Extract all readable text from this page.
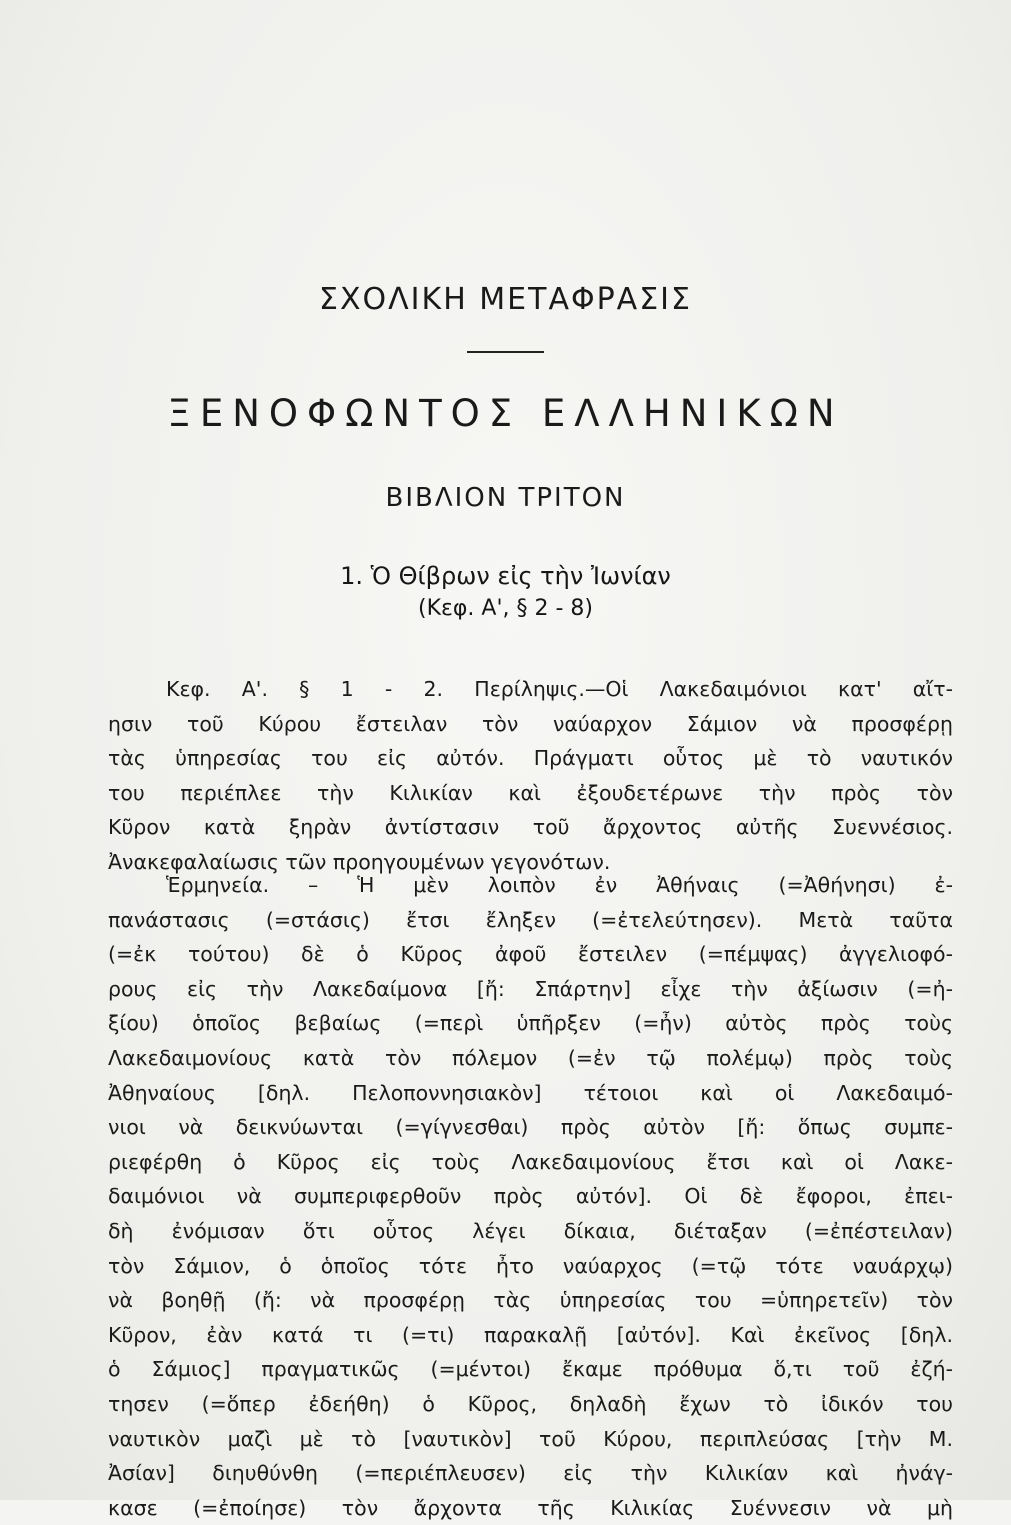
ΣΧΟΛΙΚΗ ΜΕΤΑΦΡΑΣΙΣ
ΞΕΝΟΦΩΝΤΟΣ ΕΛΛΗΝΙΚΩΝ
ΒΙΒΛΙΟΝ ΤΡΙΤΟΝ
1. Ὁ Θίβρων εἰς τὴν Ἰωνίαν
(Κεφ. Α', § 2 - 8)
Κεφ. Α'. § 1 - 2. Περίληψις.—Οἱ Λακεδαιμόνιοι κατ' αἴτ-
ησιν τοῦ Κύρου ἔστειλαν τὸν ναύαρχον Σάμιον νὰ προσφέρῃ
τὰς ὑπηρεσίας του εἰς αὐτόν. Πράγματι οὗτος μὲ τὸ ναυτικόν
του περιέπλεε τὴν Κιλικίαν καὶ ἐξουδετέρωνε τὴν πρὸς τὸν
Κῦρον κατὰ ξηρὰν ἀντίστασιν τοῦ ἄρχοντος αὐτῆς Συεννέσιος.
Ἀνακεφαλαίωσις τῶν προηγουμένων γεγονότων.
Ἑρμηνεία. – Ἡ μὲν λοιπὸν ἐν Ἀθήναις (=Ἀθήνησι) ἐ-
πανάστασις (=στάσις) ἔτσι ἔληξεν (=ἐτελεύτησεν). Μετὰ ταῦτα
(=ἐκ τούτου) δὲ ὁ Κῦρος ἀφοῦ ἔστειλεν (=πέμψας) ἀγγελιοφό-
ρους εἰς τὴν Λακεδαίμονα [ἤ: Σπάρτην] εἶχε τὴν ἀξίωσιν (=ἠ-
ξίου) ὁποῖος βεβαίως (=περὶ ὑπῆρξεν (=ἦν) αὐτὸς πρὸς τοὺς
Λακεδαιμονίους κατὰ τὸν πόλεμον (=ἐν τῷ πολέμῳ) πρὸς τοὺς
Ἀθηναίους [δηλ. Πελοποννησιακὸν] τέτοιοι καὶ οἱ Λακεδαιμό-
νιοι νὰ δεικνύωνται (=γίγνεσθαι) πρὸς αὐτὸν [ἤ: ὅπως συμπε-
ριεφέρθη ὁ Κῦρος εἰς τοὺς Λακεδαιμονίους ἔτσι καὶ οἱ Λακε-
δαιμόνιοι νὰ συμπεριφερθοῦν πρὸς αὐτόν]. Οἱ δὲ ἔφοροι, ἐπει-
δὴ ἐνόμισαν ὅτι οὗτος λέγει δίκαια, διέταξαν (=ἐπέστειλαν)
τὸν Σάμιον, ὁ ὁποῖος τότε ἦτο ναύαρχος (=τῷ τότε ναυάρχῳ)
νὰ βοηθῇ (ἤ: νὰ προσφέρῃ τὰς ὑπηρεσίας του =ὑπηρετεῖν) τὸν
Κῦρον, ἐὰν κατά τι (=τι) παρακαλῇ [αὐτόν]. Καὶ ἐκεῖνος [δηλ.
ὁ Σάμιος] πραγματικῶς (=μέντοι) ἔκαμε πρόθυμα ὅ,τι τοῦ ἐζή-
τησεν (=ὅπερ ἐδεήθη) ὁ Κῦρος, δηλαδὴ ἔχων τὸ ἰδικόν του
ναυτικὸν μαζὶ μὲ τὸ [ναυτικὸν] τοῦ Κύρου, περιπλεύσας [τὴν Μ.
Ἀσίαν] διηυθύνθη (=περιέπλευσεν) εἰς τὴν Κιλικίαν καὶ ἠνάγ-
κασε (=ἐποίησε) τὸν ἄρχοντα τῆς Κιλικίας Συέννεσιν νὰ μὴ
